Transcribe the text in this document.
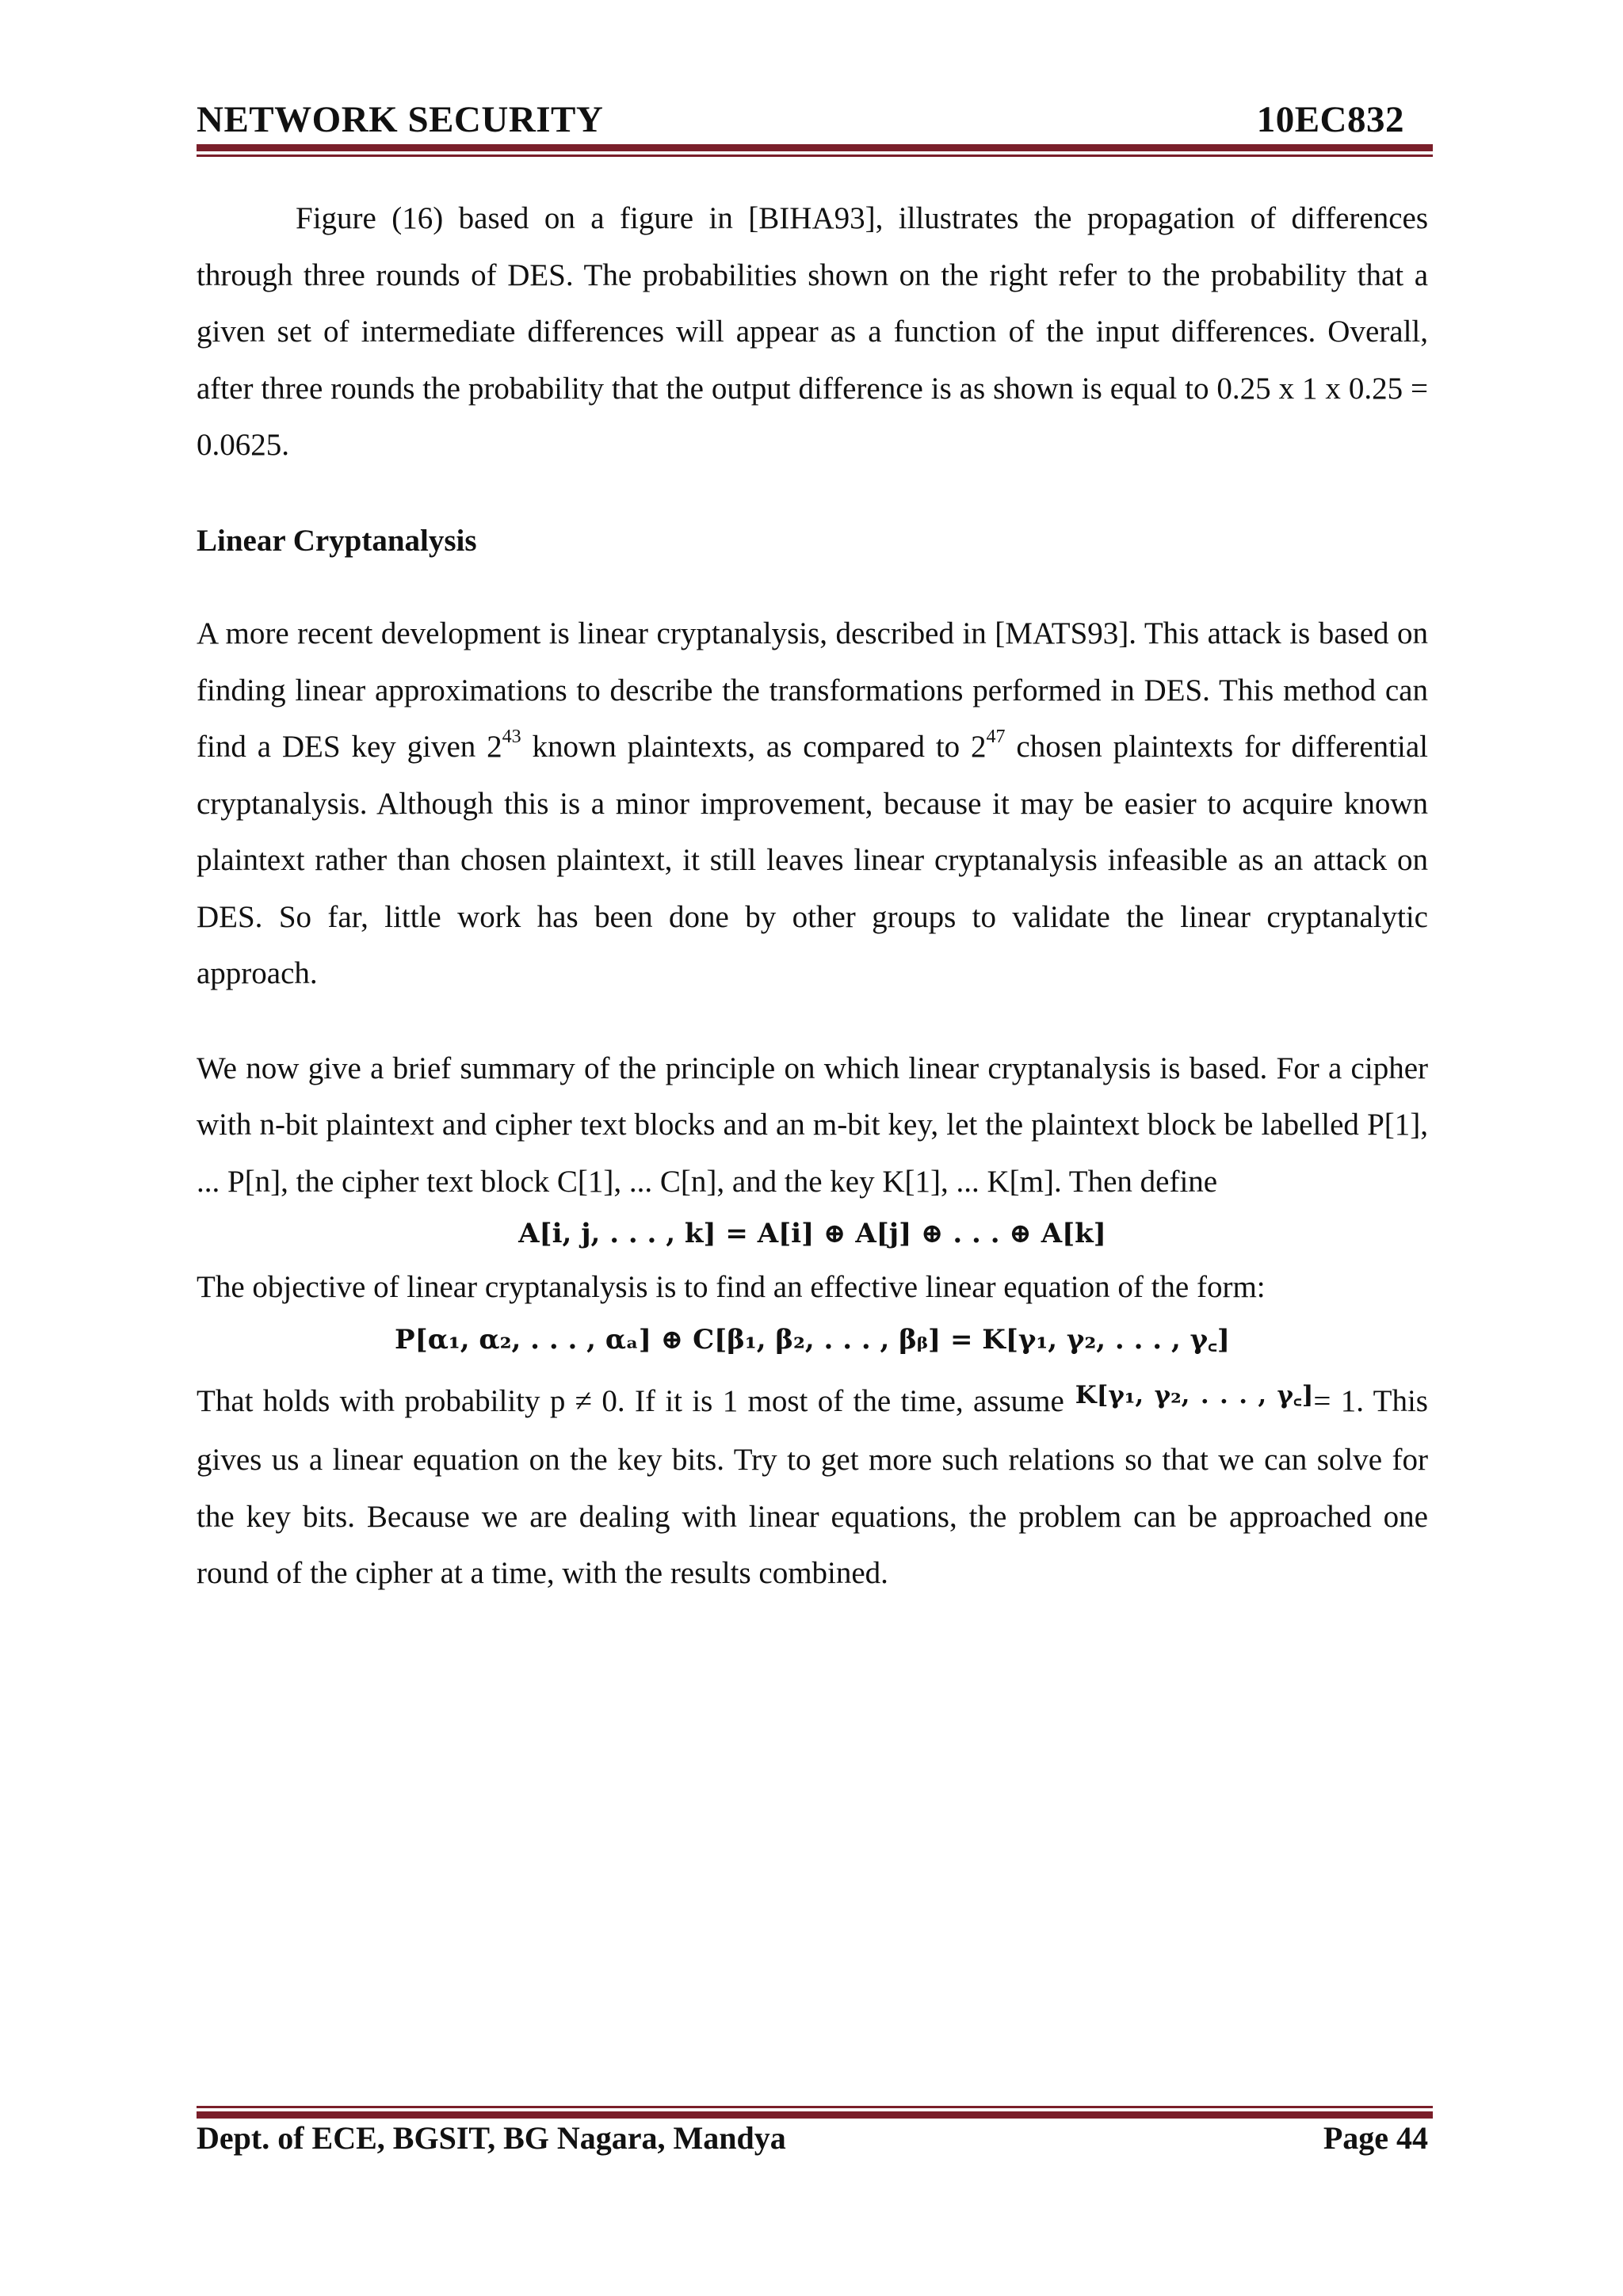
NETWORK SECURITY	10EC832

Figure (16) based on a figure in [BIHA93], illustrates the propagation of differences through three rounds of DES. The probabilities shown on the right refer to the probability that a given set of intermediate differences will appear as a function of the input differences. Overall, after three rounds the probability that the output difference is as shown is equal to 0.25 x 1 x 0.25 = 0.0625.

Linear Cryptanalysis

A more recent development is linear cryptanalysis, described in [MATS93]. This attack is based on finding linear approximations to describe the transformations performed in DES. This method can find a DES key given $2^{43}$ known plaintexts, as compared to $2^{47}$ chosen plaintexts for differential cryptanalysis. Although this is a minor improvement, because it may be easier to acquire known plaintext rather than chosen plaintext, it still leaves linear cryptanalysis infeasible as an attack on DES. So far, little work has been done by other groups to validate the linear cryptanalytic approach.

We now give a brief summary of the principle on which linear cryptanalysis is based. For a cipher with n-bit plaintext and cipher text blocks and an m-bit key, let the plaintext block be labelled P[1], ... P[n], the cipher text block C[1], ... C[n], and the key K[1], ... K[m]. Then define

A[i, j, . . . , k] = A[i] ⊕ A[j] ⊕ . . . ⊕ A[k]

The objective of linear cryptanalysis is to find an effective linear equation of the form:

P[α₁, α₂, . . . , αₐ] ⊕ C[β₁, β₂, . . . , βᵦ] = K[γ₁, γ₂, . . . , γ꜀]

That holds with probability p ≠ 0. If it is 1 most of the time, assume $^{K[\gamma_1, \gamma_2, . . . , \gamma꜀]}$= 1. This gives us a linear equation on the key bits. Try to get more such relations so that we can solve for the key bits. Because we are dealing with linear equations, the problem can be approached one round of the cipher at a time, with the results combined.

Dept. of ECE, BGSIT, BG Nagara, Mandya	Page 44
